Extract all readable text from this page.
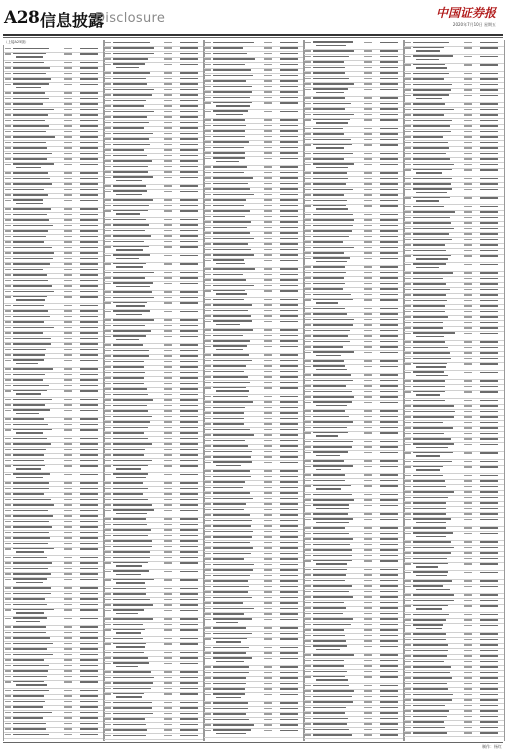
A28 信息披露
Disclosure	中国证券报
2020年7月10日 星期五
（上接A25版）
制作：杨红
